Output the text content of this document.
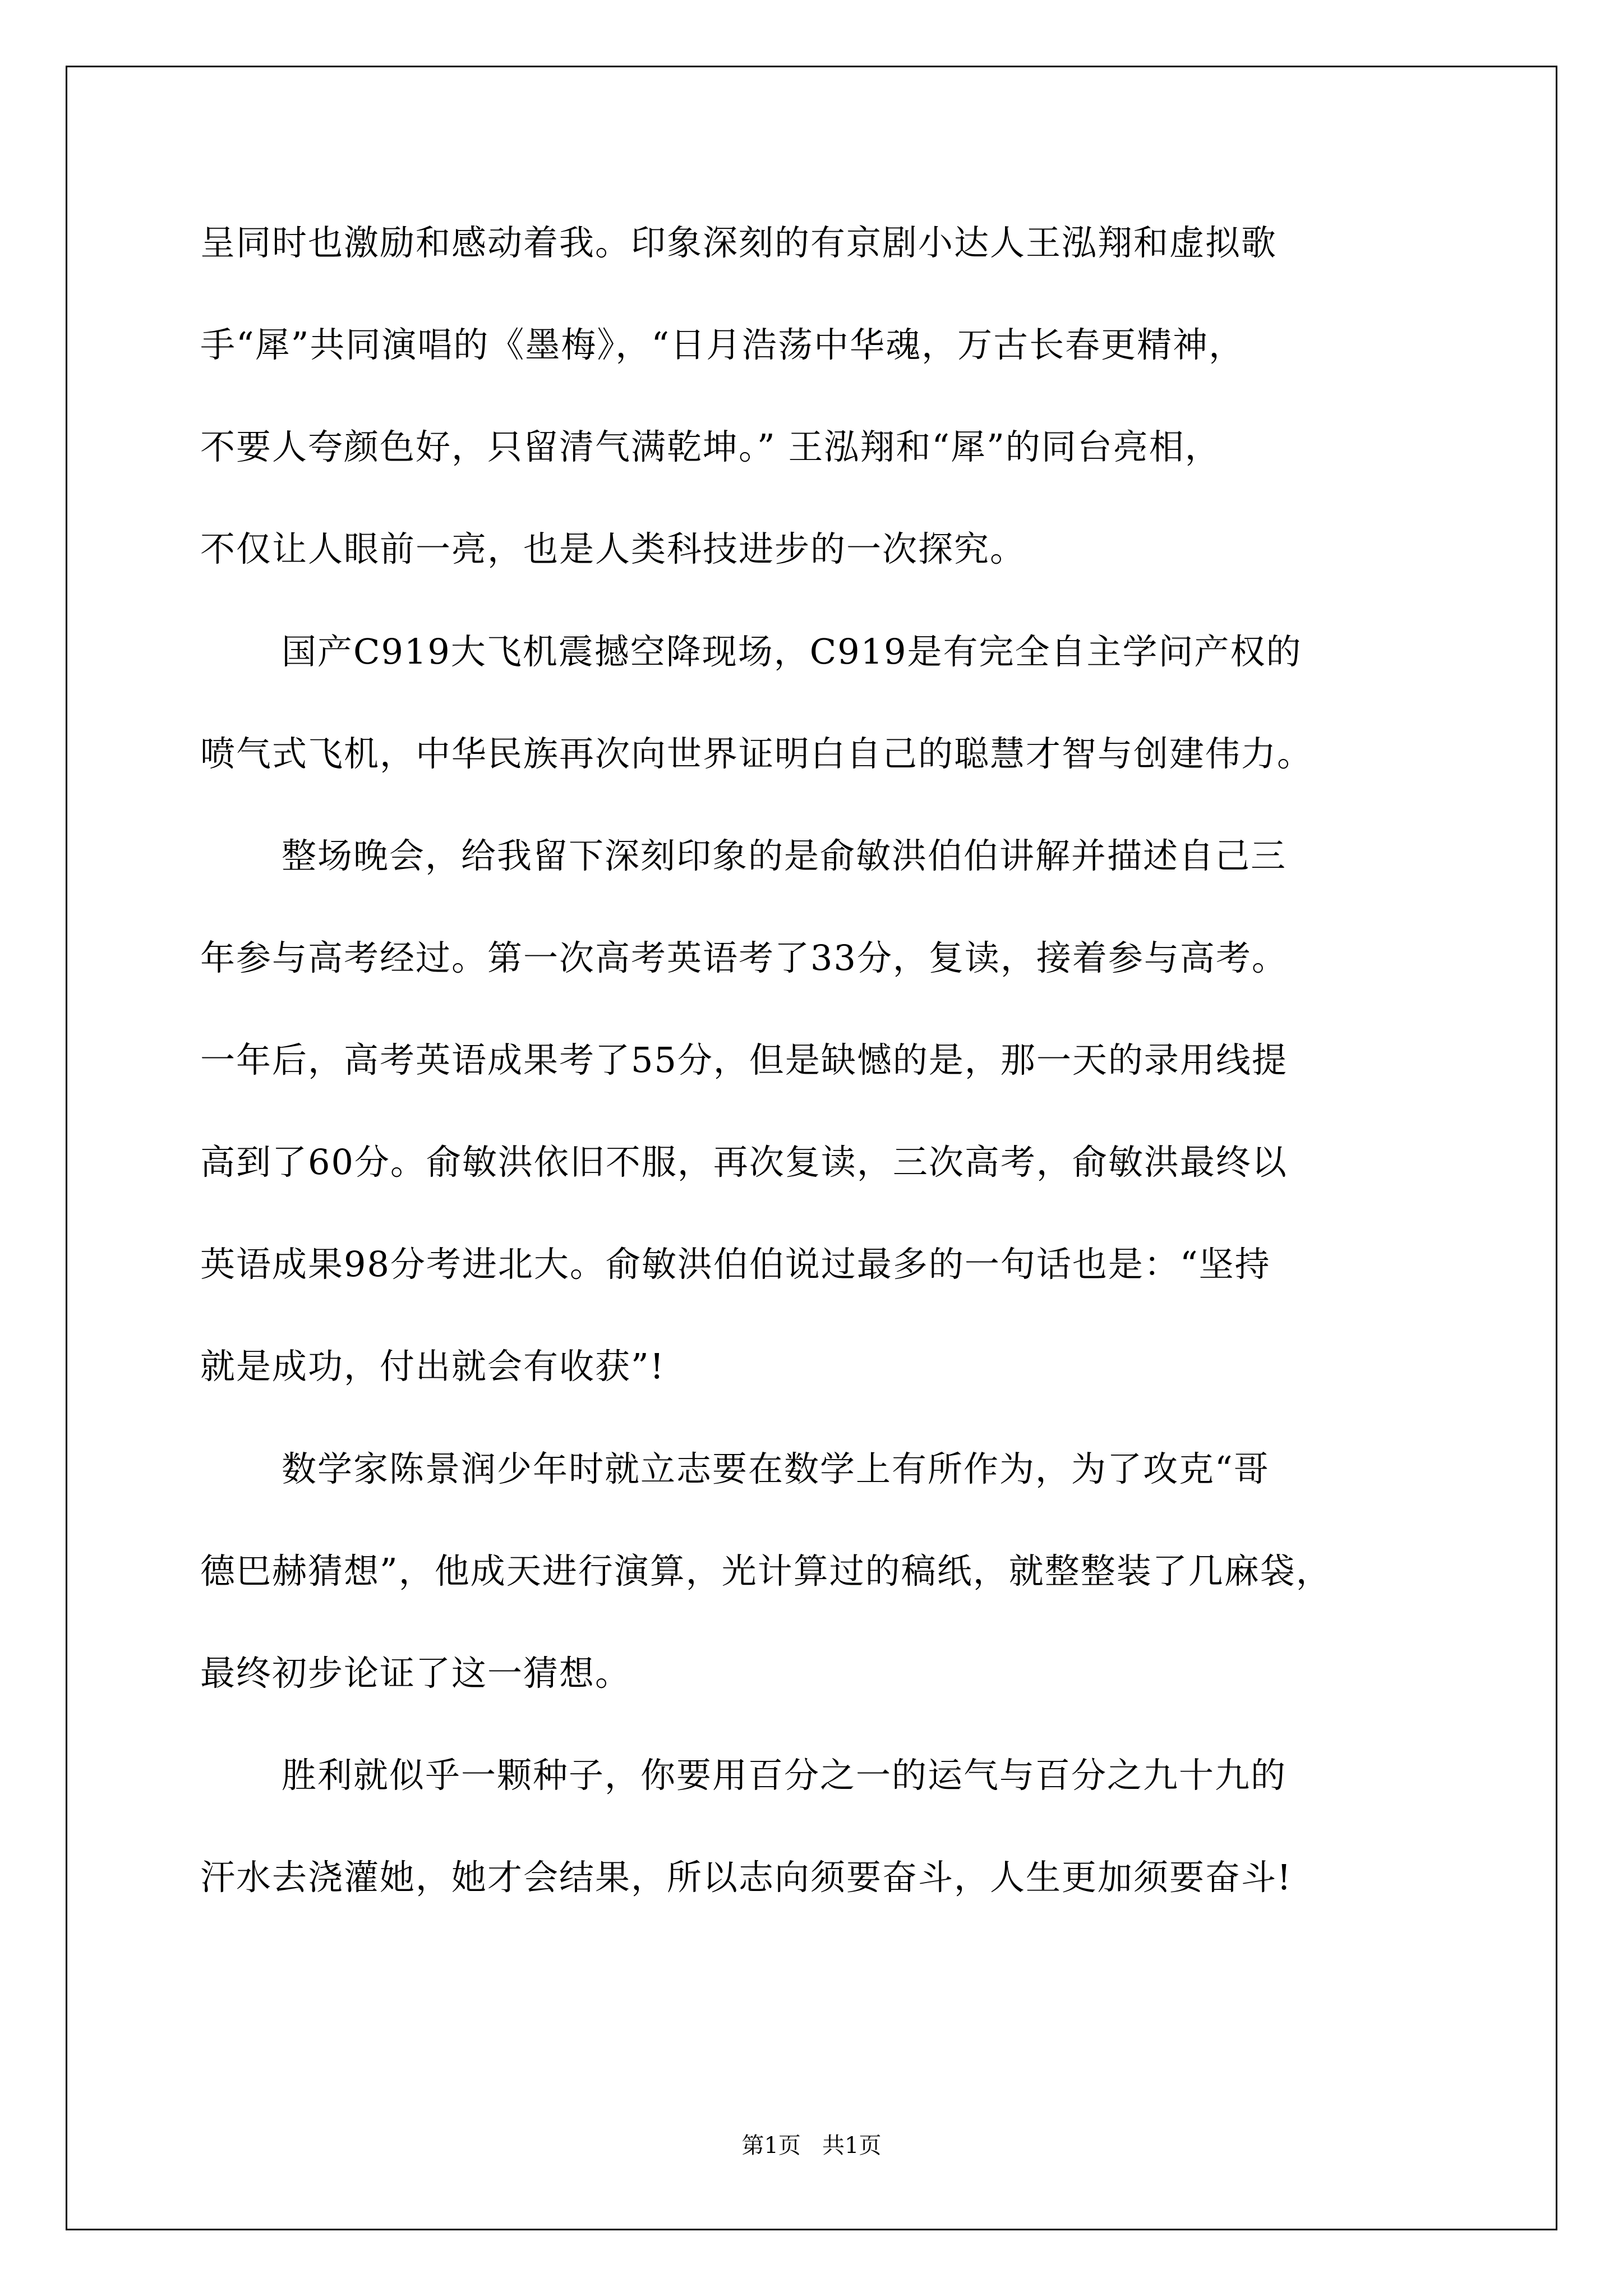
呈同时也激励和感动着我。印象深刻的有京剧小达人王泓翔和虚拟歌
手“犀”共同演唱的《墨梅》，“日月浩荡中华魂，万古长春更精神，
不要人夸颜色好，只留清气满乾坤。” 王泓翔和“犀”的同台亮相，
不仅让人眼前一亮，也是人类科技进步的一次探究。
国产C919大飞机震撼空降现场，C919是有完全自主学问产权的
喷气式飞机，中华民族再次向世界证明白自己的聪慧才智与创建伟力。
整场晚会，给我留下深刻印象的是俞敏洪伯伯讲解并描述自己三
年参与高考经过。第一次高考英语考了33分，复读，接着参与高考。
一年后，高考英语成果考了55分，但是缺憾的是，那一天的录用线提
高到了60分。俞敏洪依旧不服，再次复读，三次高考，俞敏洪最终以
英语成果98分考进北大。俞敏洪伯伯说过最多的一句话也是：“坚持
就是成功，付出就会有收获”!
数学家陈景润少年时就立志要在数学上有所作为，为了攻克“哥
德巴赫猜想”，他成天进行演算，光计算过的稿纸，就整整装了几麻袋，
最终初步论证了这一猜想。
胜利就似乎一颗种子，你要用百分之一的运气与百分之九十九的
汗水去浇灌她，她才会结果，所以志向须要奋斗，人生更加须要奋斗!
第1页   共1页
